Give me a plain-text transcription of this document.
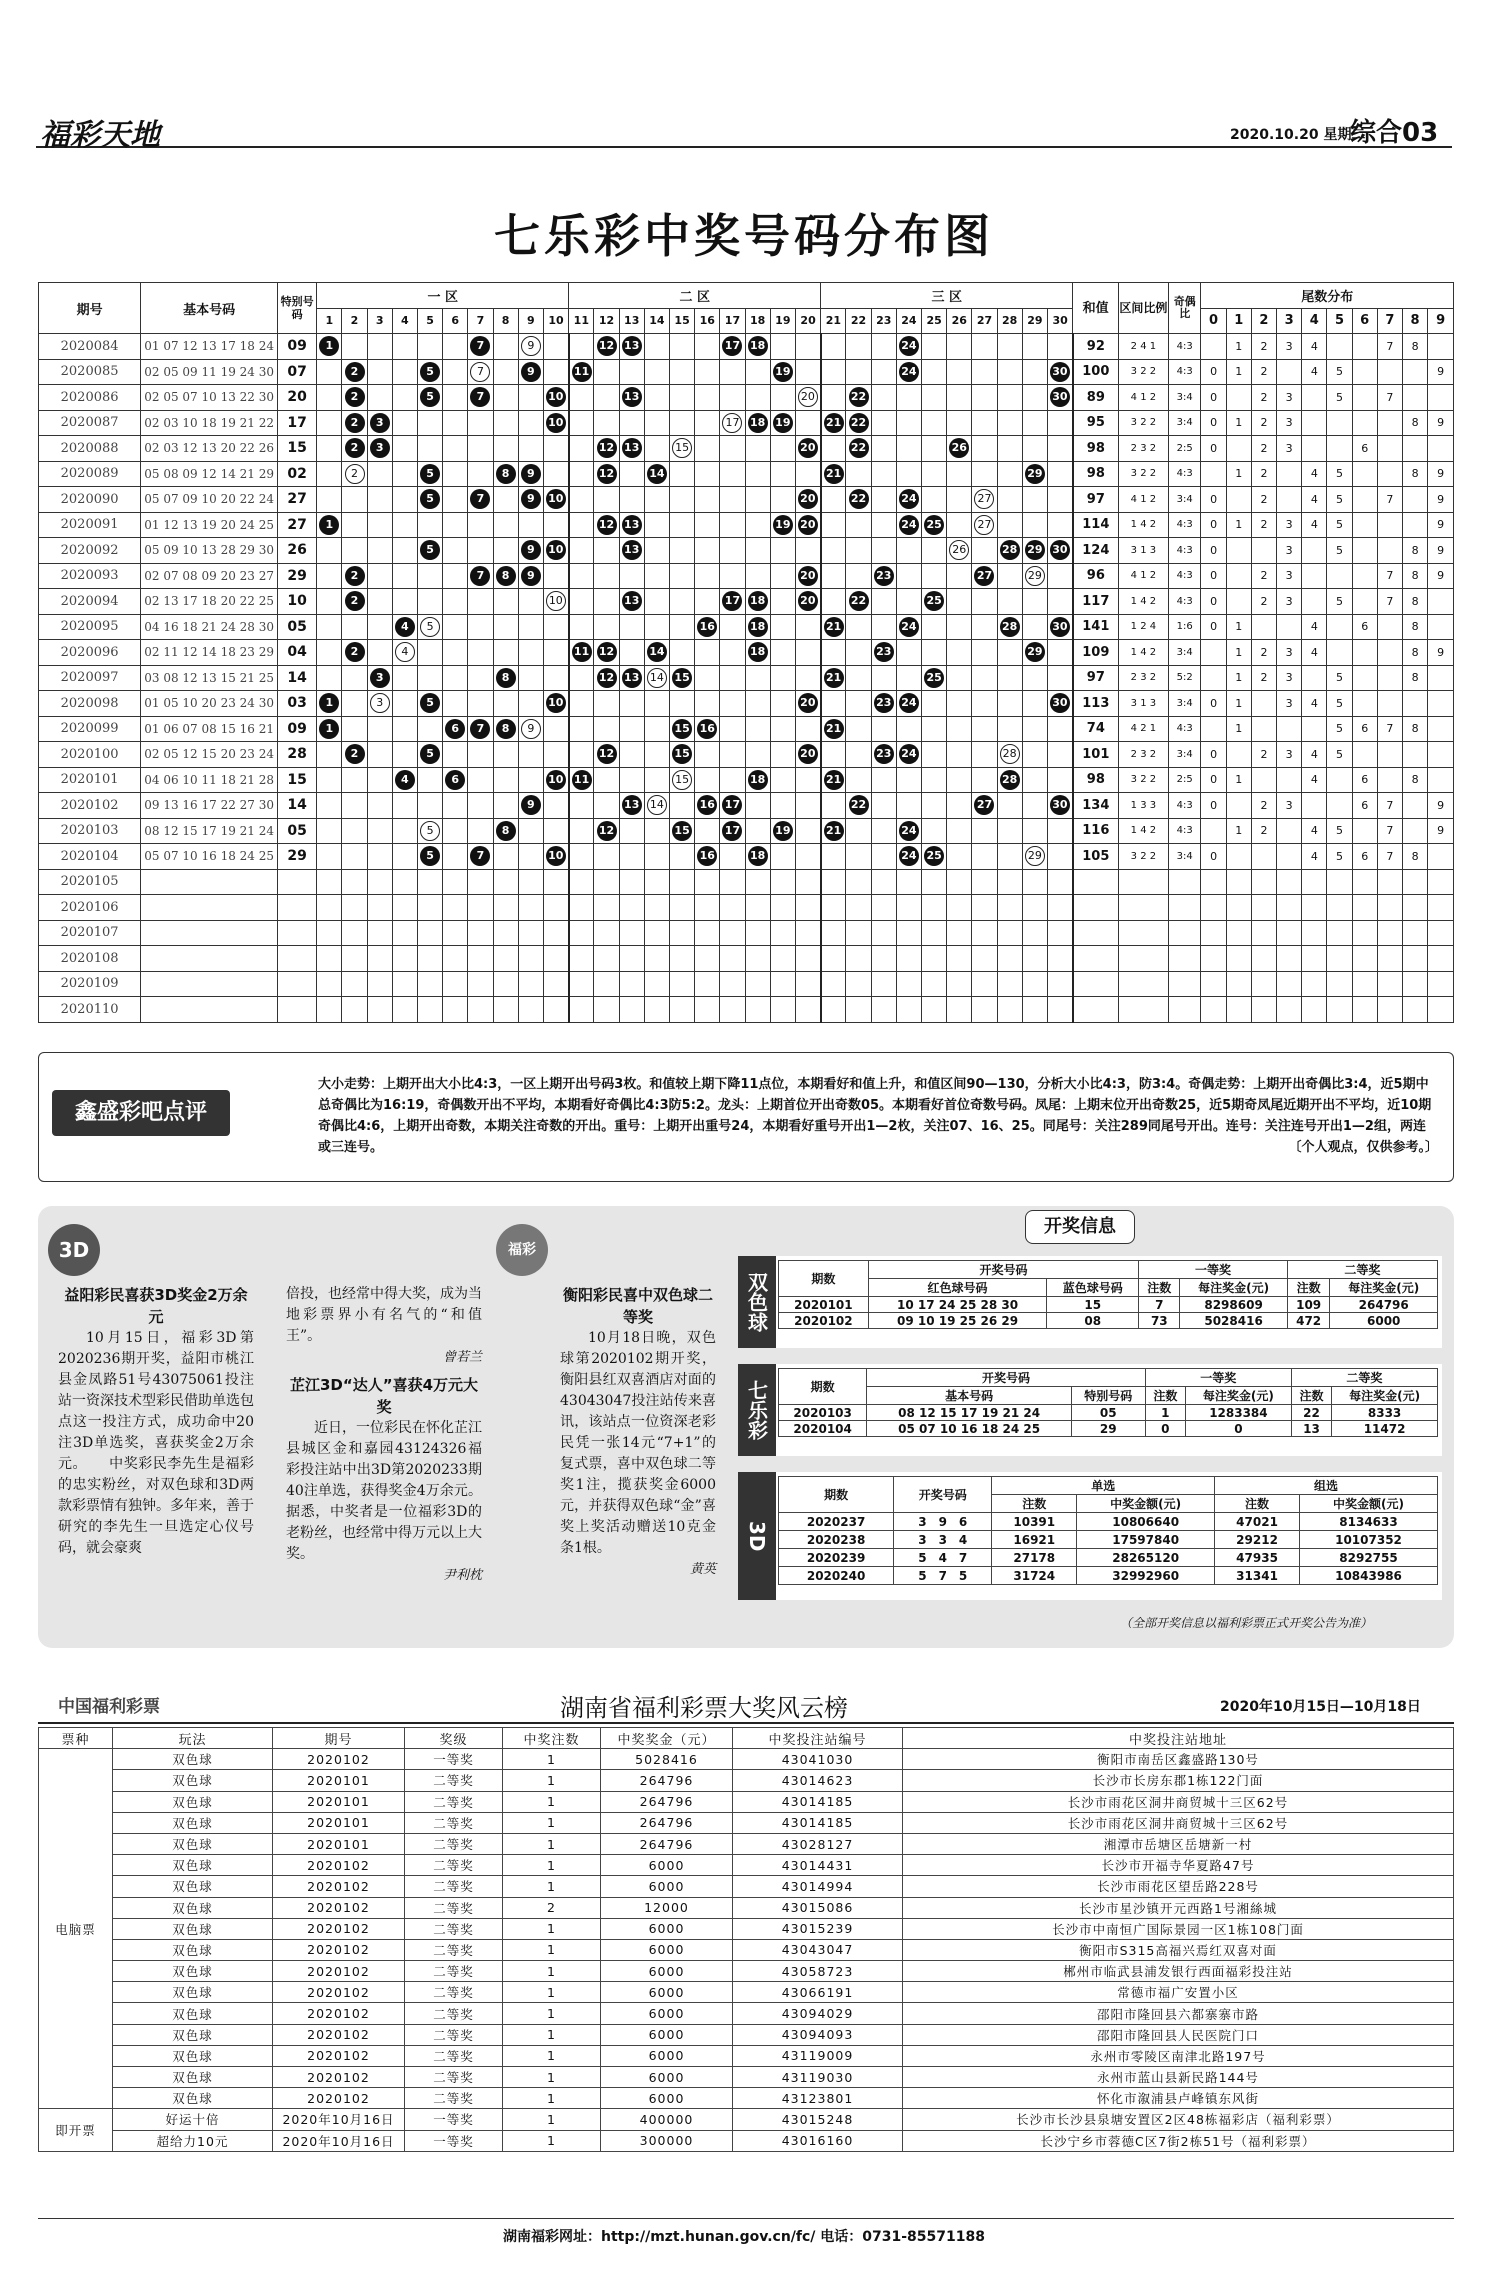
福彩天地	2020.10.20 星期二
综合03
七乐彩中奖号码分布图
期号	基本号码	特别号码	一 区										二 区										三 区										和值	区间比例	奇偶比	尾数分布									
			1	2	3	4	5	6	7	8	9	10	11	12	13	14	15	16	17	18	19	20	21	22	23	24	25	26	27	28	29	30				0	1	2	3	4	5	6	7	8	9
2020084	01 07 12 13 17 18 24	09	1						7		9			12	13				17	18						24							92	2 4 1	4:3		1	2	3	4			7	8	
2020085	02 05 09 11 19 24 30	07		2			5		7		9		11								19					24						30	100	3 2 2	4:3	0	1	2		4	5				9
2020086	02 05 07 10 13 22 30	20		2			5		7			10			13							20		22								30	89	4 1 2	3:4	0		2	3		5		7		
2020087	02 03 10 18 19 21 22	17		2	3							10							17	18	19		21	22									95	3 2 2	3:4	0	1	2	3					8	9
2020088	02 03 12 13 20 22 26	15		2	3									12	13		15					20		22				26					98	2 3 2	2:5	0		2	3			6			
2020089	05 08 09 12 14 21 29	02		2			5			8	9			12		14							21								29		98	3 2 2	4:3		1	2		4	5			8	9
2020090	05 07 09 10 20 22 24	27					5		7		9	10										20		22		24			27				97	4 1 2	3:4	0		2		4	5		7		9
2020091	01 12 13 19 20 24 25	27	1											12	13						19	20				24	25		27				114	1 4 2	4:3	0	1	2	3	4	5				9
2020092	05 09 10 13 28 29 30	26					5				9	10			13													26		28	29	30	124	3 1 3	4:3	0			3		5			8	9
2020093	02 07 08 09 20 23 27	29		2					7	8	9											20			23				27		29		96	4 1 2	4:3	0		2	3				7	8	9
2020094	02 13 17 18 20 22 25	10		2								10			13				17	18		20		22			25						117	1 4 2	4:3	0		2	3		5		7	8	
2020095	04 16 18 21 24 28 30	05				4	5											16		18			21			24				28		30	141	1 2 4	1:6	0	1			4		6		8	
2020096	02 11 12 14 18 23 29	04		2		4							11	12		14				18					23						29		109	1 4 2	3:4		1	2	3	4				8	9
2020097	03 08 12 13 15 21 25	14			3					8				12	13	14	15						21				25						97	2 3 2	5:2		1	2	3		5			8	
2020098	01 05 10 20 23 24 30	03	1		3		5					10										20			23	24						30	113	3 1 3	3:4	0	1		3	4	5				
2020099	01 06 07 08 15 16 21	09	1					6	7	8	9						15	16					21										74	4 2 1	4:3		1				5	6	7	8	
2020100	02 05 12 15 20 23 24	28		2			5							12			15					20			23	24				28			101	2 3 2	3:4	0		2	3	4	5				
2020101	04 06 10 11 18 21 28	15				4		6				10	11				15			18			21							28			98	3 2 2	2:5	0	1			4		6		8	
2020102	09 13 16 17 22 27 30	14									9				13	14		16	17					22					27			30	134	1 3 3	4:3	0		2	3			6	7		9
2020103	08 12 15 17 19 21 24	05					5			8				12			15		17		19		21			24							116	1 4 2	4:3		1	2		4	5		7		9
2020104	05 07 10 16 18 24 25	29					5		7			10						16		18						24	25				29		105	3 2 2	3:4	0				4	5	6	7	8	
2020105																																													
2020106																																													
2020107																																													
2020108																																													
2020109																																													
2020110																																													
鑫盛彩吧点评
大小走势：上期开出大小比4:3，一区上期开出号码3枚。和值较上期下降11点位，本期看好和值上升，和值区间90—130，分析大小比4:3，防3:4。奇偶走势：上期开出奇偶比3:4，近5期中总奇偶比为16:19，奇偶数开出不平均，本期看好奇偶比4:3防5:2。龙头：上期首位开出奇数05。本期看好首位奇数号码。凤尾：上期末位开出奇数25，近5期奇凤尾近期开出不平均，近10期奇偶比4:6，上期开出奇数，本期关注奇数的开出。重号：上期开出重号24，本期看好重号开出1—2枚，关注07、16、25。同尾号：关注289同尾号开出。连号：关注连号开出1—2组，两连或三连号。	〔个人观点，仅供参考。〕
3D
益阳彩民喜获3D奖金2万余元
10月15日，福彩3D第2020236期开奖，益阳市桃江县金凤路51号43075061投注站一资深技术型彩民借助单选包点这一投注方式，成功命中20注3D单选奖，喜获奖金2万余元。　　中奖彩民李先生是福彩的忠实粉丝，对双色球和3D两款彩票情有独钟。多年来，善于研究的李先生一旦选定心仪号码，就会豪爽
倍投，也经常中得大奖，成为当地彩票界小有名气的“和值王”。
曾若兰
芷江3D“达人”喜获4万元大奖
近日，一位彩民在怀化芷江县城区金和嘉园43124326福彩投注站中出3D第2020233期40注单选，获得奖金4万余元。据悉，中奖者是一位福彩3D的老粉丝，也经常中得万元以上大奖。
尹利枕
福彩
衡阳彩民喜中双色球二等奖
10月18日晚，双色球第2020102期开奖，衡阳县红双喜酒店对面的43043047投注站传来喜讯，该站点一位资深老彩民凭一张14元“7+1”的复式票，喜中双色球二等奖1注，揽获奖金6000元，并获得双色球“金”喜奖上奖活动赠送10克金条1根。
黄英
开奖信息
双色球	期数	开奖号码		一等奖		二等奖	
	红色球号码	蓝色球号码	注数	每注奖金(元)	注数	每注奖金(元)
2020101	10 17 24 25 28 30	15	7	8298609	109	264796
2020102	09 10 19 25 26 29	08	73	5028416	472	6000
七乐彩	期数	开奖号码		一等奖		二等奖	
	基本号码	特别号码	注数	每注奖金(元)	注数	每注奖金(元)
2020103	08 12 15 17 19 21 24	05	1	1283384	22	8333
2020104	05 07 10 16 18 24 25	29	0	0	13	11472
3D
期数	开奖号码	单选		组选	
		注数	中奖金额(元)	注数	中奖金额(元)
2020237	3　9　6	10391	10806640	47021	8134633
2020238	3　3　4	16921	17597840	29212	10107352
2020239	5　4　7	27178	28265120	47935	8292755
2020240	5　7　5	31724	32992960	31341	10843986
（全部开奖信息以福利彩票正式开奖公告为准）
中国福利彩票	湖南省福利彩票大奖风云榜	2020年10月15日—10月18日
票种	玩法	期号	奖级	中奖注数	中奖奖金（元）	中奖投注站编号	中奖投注站地址
电脑票	双色球	2020102	一等奖	1	5028416	43041030	衡阳市南岳区鑫盛路130号
	双色球	2020101	二等奖	1	264796	43014623	长沙市长房东郡1栋122门面
	双色球	2020101	二等奖	1	264796	43014185	长沙市雨花区洞井商贸城十三区62号
	双色球	2020101	二等奖	1	264796	43014185	长沙市雨花区洞井商贸城十三区62号
	双色球	2020101	二等奖	1	264796	43028127	湘潭市岳塘区岳塘新一村
	双色球	2020102	二等奖	1	6000	43014431	长沙市开福寺华夏路47号
	双色球	2020102	二等奖	1	6000	43014994	长沙市雨花区望岳路228号
	双色球	2020102	二等奖	2	12000	43015086	长沙市星沙镇开元西路1号湘絲城
	双色球	2020102	二等奖	1	6000	43015239	长沙市中南恒广国际景园一区1栋108门面
	双色球	2020102	二等奖	1	6000	43043047	衡阳市S315高福兴焉红双喜对面
	双色球	2020102	二等奖	1	6000	43058723	郴州市临武县浦发银行西面福彩投注站
	双色球	2020102	二等奖	1	6000	43066191	常德市福广安置小区
	双色球	2020102	二等奖	1	6000	43094029	邵阳市隆回县六都寨寨市路
	双色球	2020102	二等奖	1	6000	43094093	邵阳市隆回县人民医院门口
	双色球	2020102	二等奖	1	6000	43119009	永州市零陵区南津北路197号
	双色球	2020102	二等奖	1	6000	43119030	永州市蓝山县新民路144号
	双色球	2020102	二等奖	1	6000	43123801	怀化市溆浦县卢峰镇东风街
即开票	好运十倍	2020年10月16日	一等奖	1	400000	43015248	长沙市长沙县泉塘安置区2区48栋福彩店（福利彩票）
	超给力10元	2020年10月16日	一等奖	1	300000	43016160	长沙宁乡市蓉德C区7街2栋51号（福利彩票）
湖南福彩网址：http://mzt.hunan.gov.cn/fc/ 电话：0731-85571188
